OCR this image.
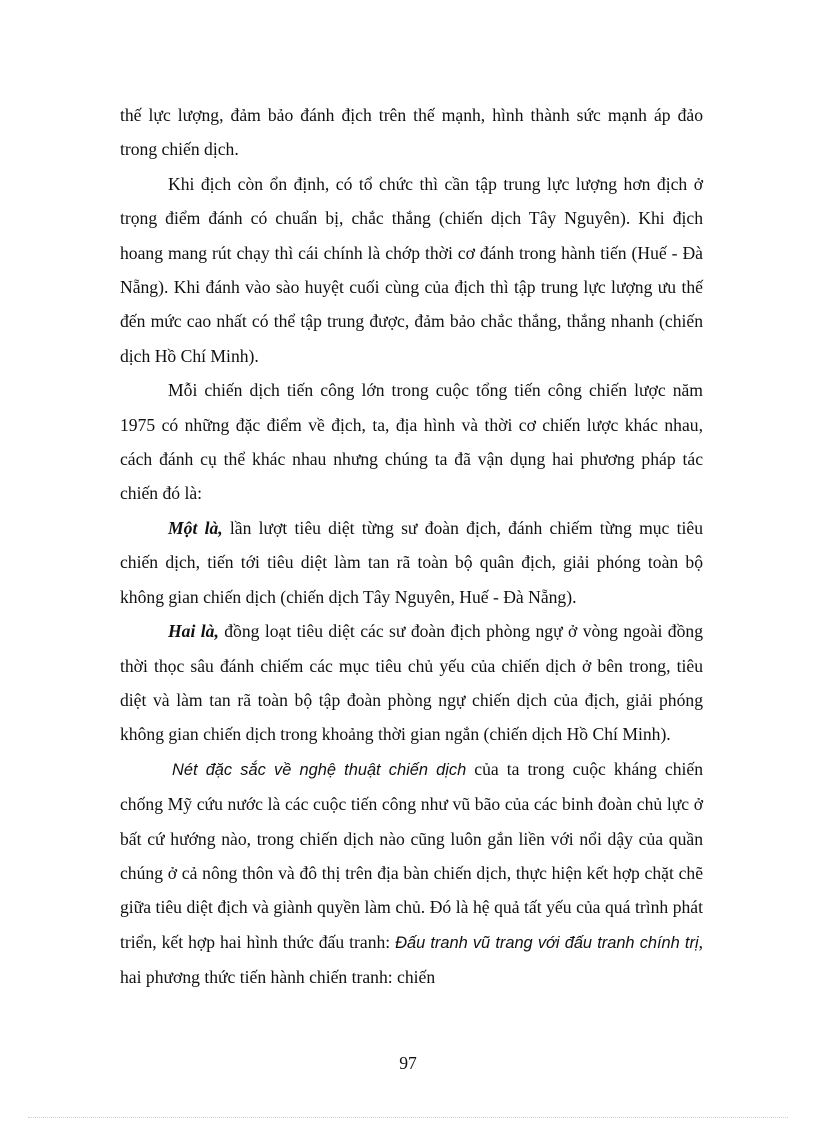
thế lực lượng, đảm bảo đánh địch trên thế mạnh, hình thành sức mạnh áp đảo trong chiến dịch.

Khi địch còn ổn định, có tổ chức thì cần tập trung lực lượng hơn địch ở trọng điểm đánh có chuẩn bị, chắc thắng (chiến dịch Tây Nguyên). Khi địch hoang mang rút chạy thì cái chính là chớp thời cơ đánh trong hành tiến (Huế - Đà Nẵng). Khi đánh vào sào huyệt cuối cùng của địch thì tập trung lực lượng ưu thế đến mức cao nhất có thể tập trung được, đảm bảo chắc thắng, thắng nhanh (chiến dịch Hồ Chí Minh).

Mỗi chiến dịch tiến công lớn trong cuộc tổng tiến công chiến lược năm 1975 có những đặc điểm về địch, ta, địa hình và thời cơ chiến lược khác nhau, cách đánh cụ thể khác nhau nhưng chúng ta đã vận dụng hai phương pháp tác chiến đó là:

Một là, lần lượt tiêu diệt từng sư đoàn địch, đánh chiếm từng mục tiêu chiến dịch, tiến tới tiêu diệt làm tan rã toàn bộ quân địch, giải phóng toàn bộ không gian chiến dịch (chiến dịch Tây Nguyên, Huế - Đà Nẵng).

Hai là, đồng loạt tiêu diệt các sư đoàn địch phòng ngự ở vòng ngoài đồng thời thọc sâu đánh chiếm các mục tiêu chủ yếu của chiến dịch ở bên trong, tiêu diệt và làm tan rã toàn bộ tập đoàn phòng ngự chiến dịch của địch, giải phóng không gian chiến dịch trong khoảng thời gian ngắn (chiến dịch Hồ Chí Minh).

Nét đặc sắc về nghệ thuật chiến dịch của ta trong cuộc kháng chiến chống Mỹ cứu nước là các cuộc tiến công như vũ bão của các binh đoàn chủ lực ở bất cứ hướng nào, trong chiến dịch nào cũng luôn gắn liền với nổi dậy của quần chúng ở cả nông thôn và đô thị trên địa bàn chiến dịch, thực hiện kết hợp chặt chẽ giữa tiêu diệt địch và giành quyền làm chủ. Đó là hệ quả tất yếu của quá trình phát triển, kết hợp hai hình thức đấu tranh: Đấu tranh vũ trang với đấu tranh chính trị, hai phương thức tiến hành chiến tranh: chiến

97
